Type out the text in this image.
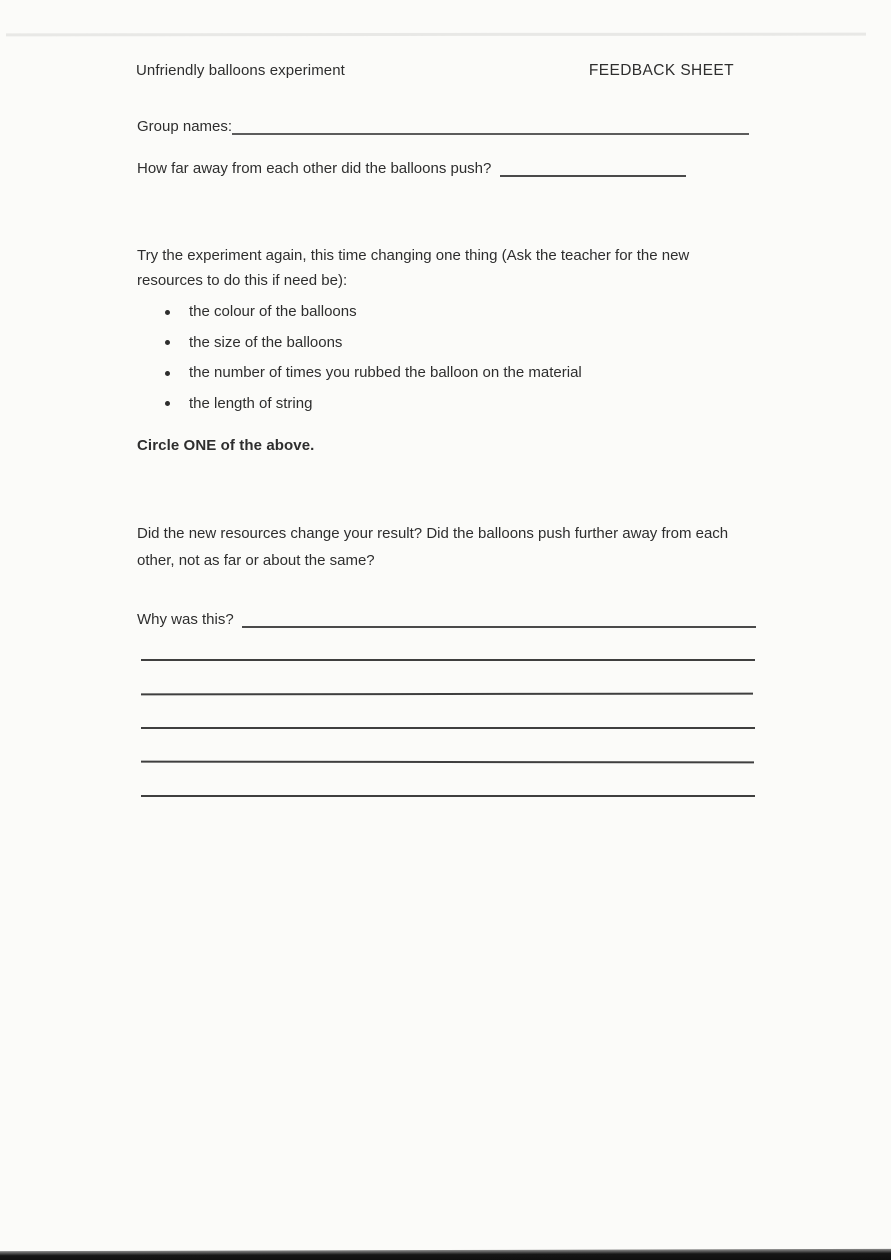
Unfriendly balloons experiment	FEEDBACK SHEET
Group names:
How far away from each other did the balloons push?
Try the experiment again, this time changing one thing (Ask the teacher for the new resources to do this if need be):
the colour of the balloons
the size of the balloons
the number of times you rubbed the balloon on the material
the length of string
Circle ONE of the above.
Did the new resources change your result? Did the balloons push further away from each other, not as far or about the same?
Why was this?
